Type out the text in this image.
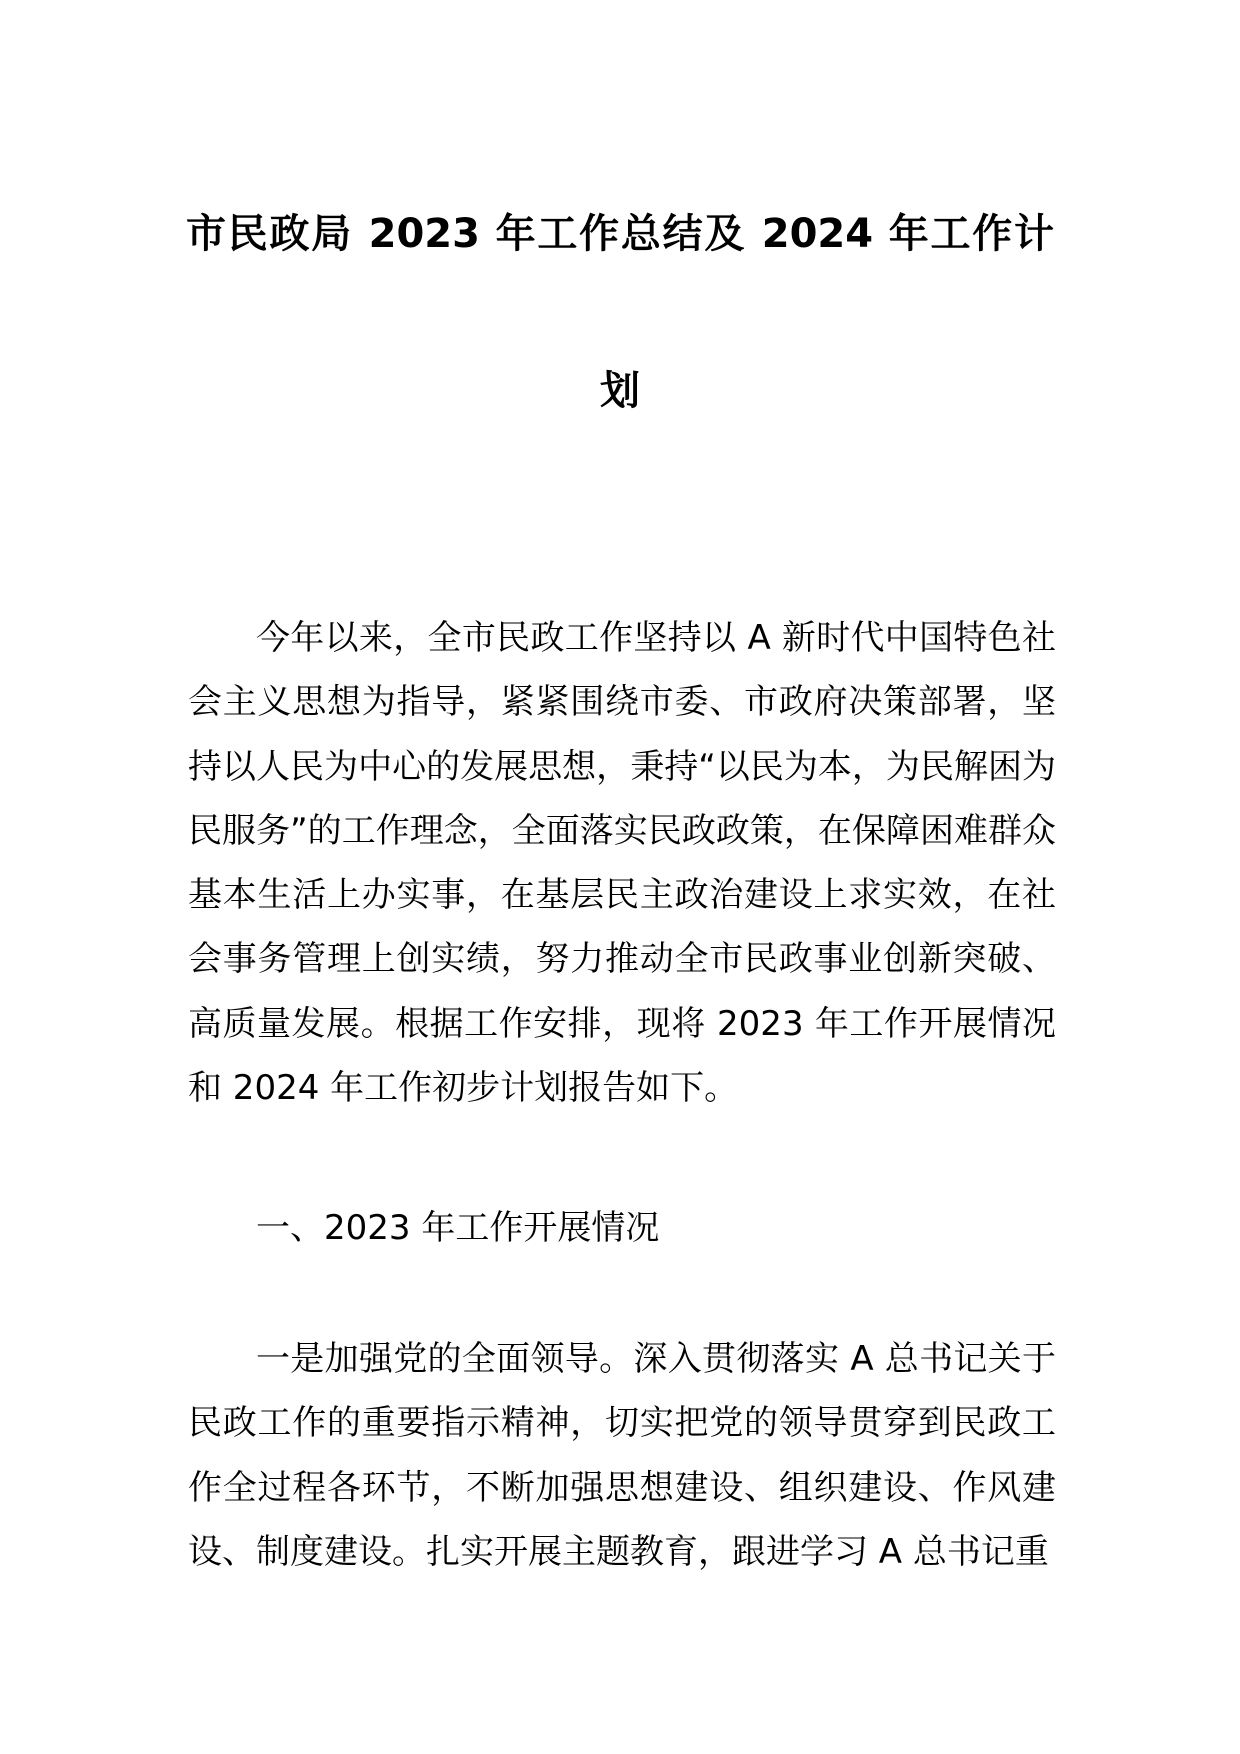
市民政局 2023 年工作总结及 2024 年工作计
划

今年以来，全市民政工作坚持以 A 新时代中国特色社会主义思想为指导，紧紧围绕市委、市政府决策部署，坚持以人民为中心的发展思想，秉持“以民为本，为民解困为民服务”的工作理念，全面落实民政政策，在保障困难群众基本生活上办实事，在基层民主政治建设上求实效，在社会事务管理上创实绩，努力推动全市民政事业创新突破、高质量发展。根据工作安排，现将 2023 年工作开展情况和 2024 年工作初步计划报告如下。

一、2023 年工作开展情况

一是加强党的全面领导。深入贯彻落实 A 总书记关于民政工作的重要指示精神，切实把党的领导贯穿到民政工作全过程各环节，不断加强思想建设、组织建设、作风建设、制度建设。扎实开展主题教育，跟进学习 A 总书记重
